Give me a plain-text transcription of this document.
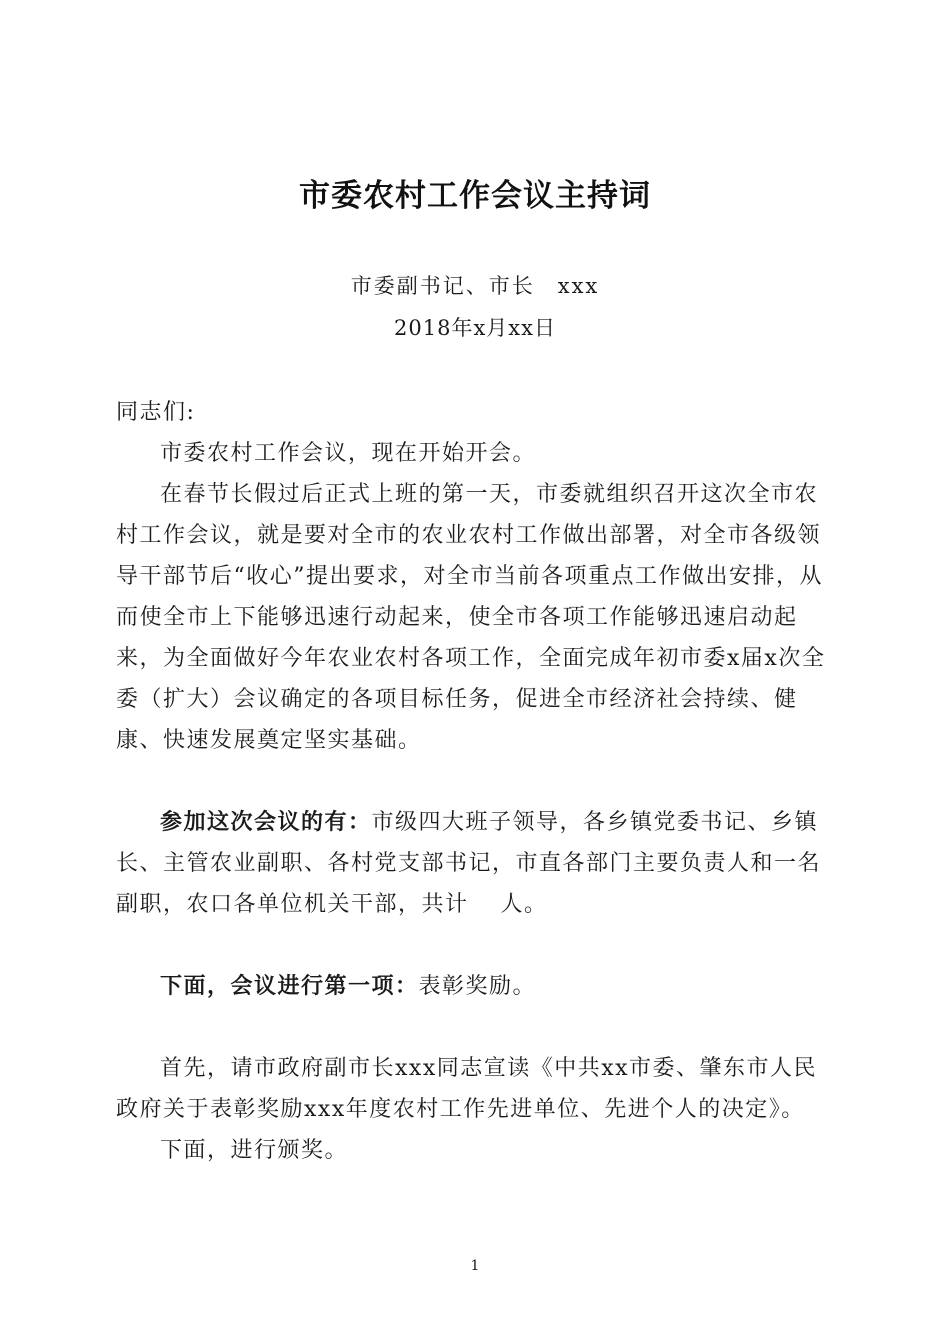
市委农村工作会议主持词
市委副书记、市长　xxx
2018年x月xx日

同志们:

市委农村工作会议，现在开始开会。

在春节长假过后正式上班的第一天，市委就组织召开这次全市农村工作会议，就是要对全市的农业农村工作做出部署，对全市各级领导干部节后“收心”提出要求，对全市当前各项重点工作做出安排，从而使全市上下能够迅速行动起来，使全市各项工作能够迅速启动起来，为全面做好今年农业农村各项工作，全面完成年初市委x届x次全委（扩大）会议确定的各项目标任务，促进全市经济社会持续、健康、快速发展奠定坚实基础。

参加这次会议的有：市级四大班子领导，各乡镇党委书记、乡镇长、主管农业副职、各村党支部书记，市直各部门主要负责人和一名副职，农口各单位机关干部，共计　 人。

下面，会议进行第一项：表彰奖励。

首先，请市政府副市长xxx同志宣读《中共xx市委、肇东市人民政府关于表彰奖励xxx年度农村工作先进单位、先进个人的决定》。

下面，进行颁奖。

1
